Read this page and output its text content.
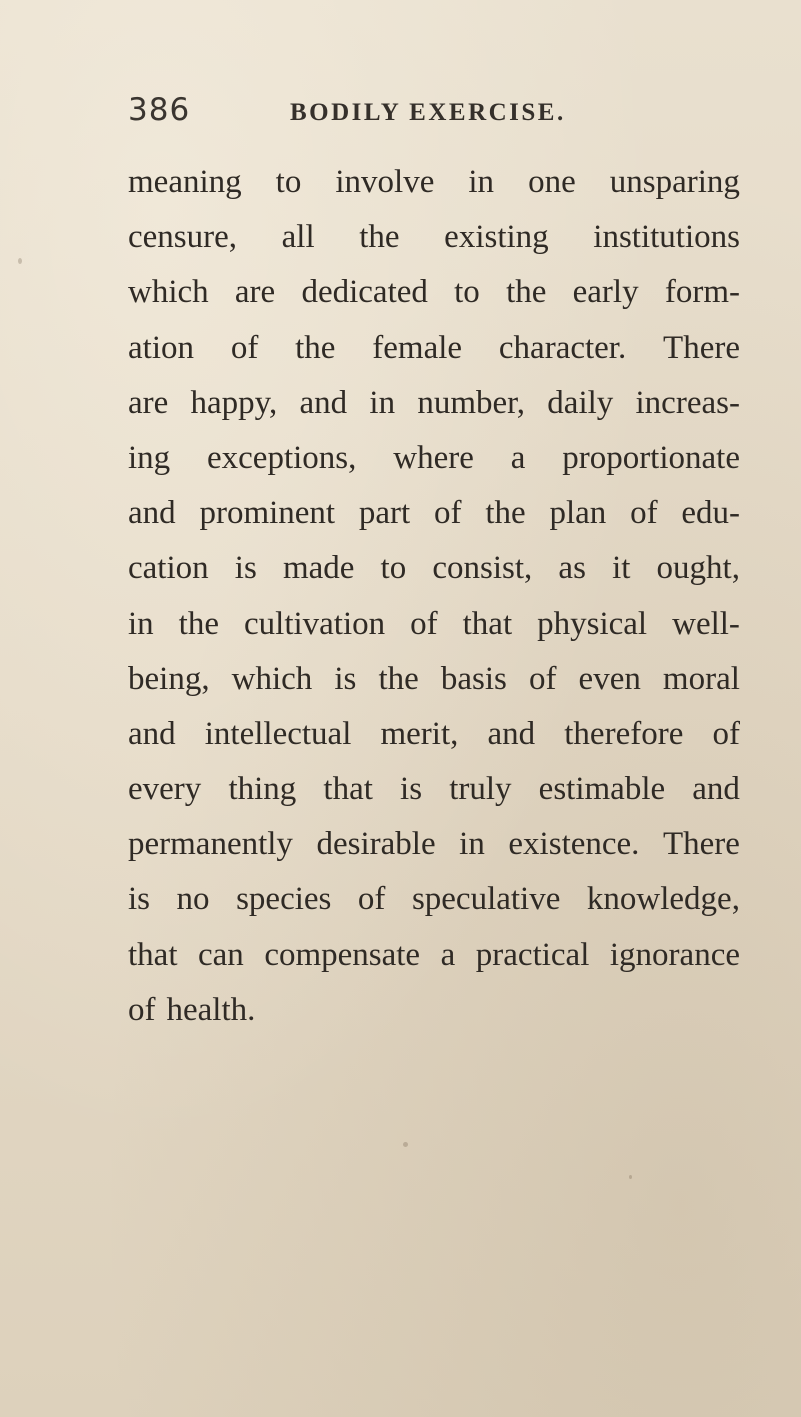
386	BODILY EXERCISE.
meaning to involve in one unsparing
censure, all the existing institutions
which are dedicated to the early form-
ation of the female character. There
are happy, and in number, daily increas-
ing exceptions, where a proportionate
and prominent part of the plan of edu-
cation is made to consist, as it ought,
in the cultivation of that physical well-
being, which is the basis of even moral
and intellectual merit, and therefore of
every thing that is truly estimable and
permanently desirable in existence. There
is no species of speculative knowledge,
that can compensate a practical ignorance
of health.
